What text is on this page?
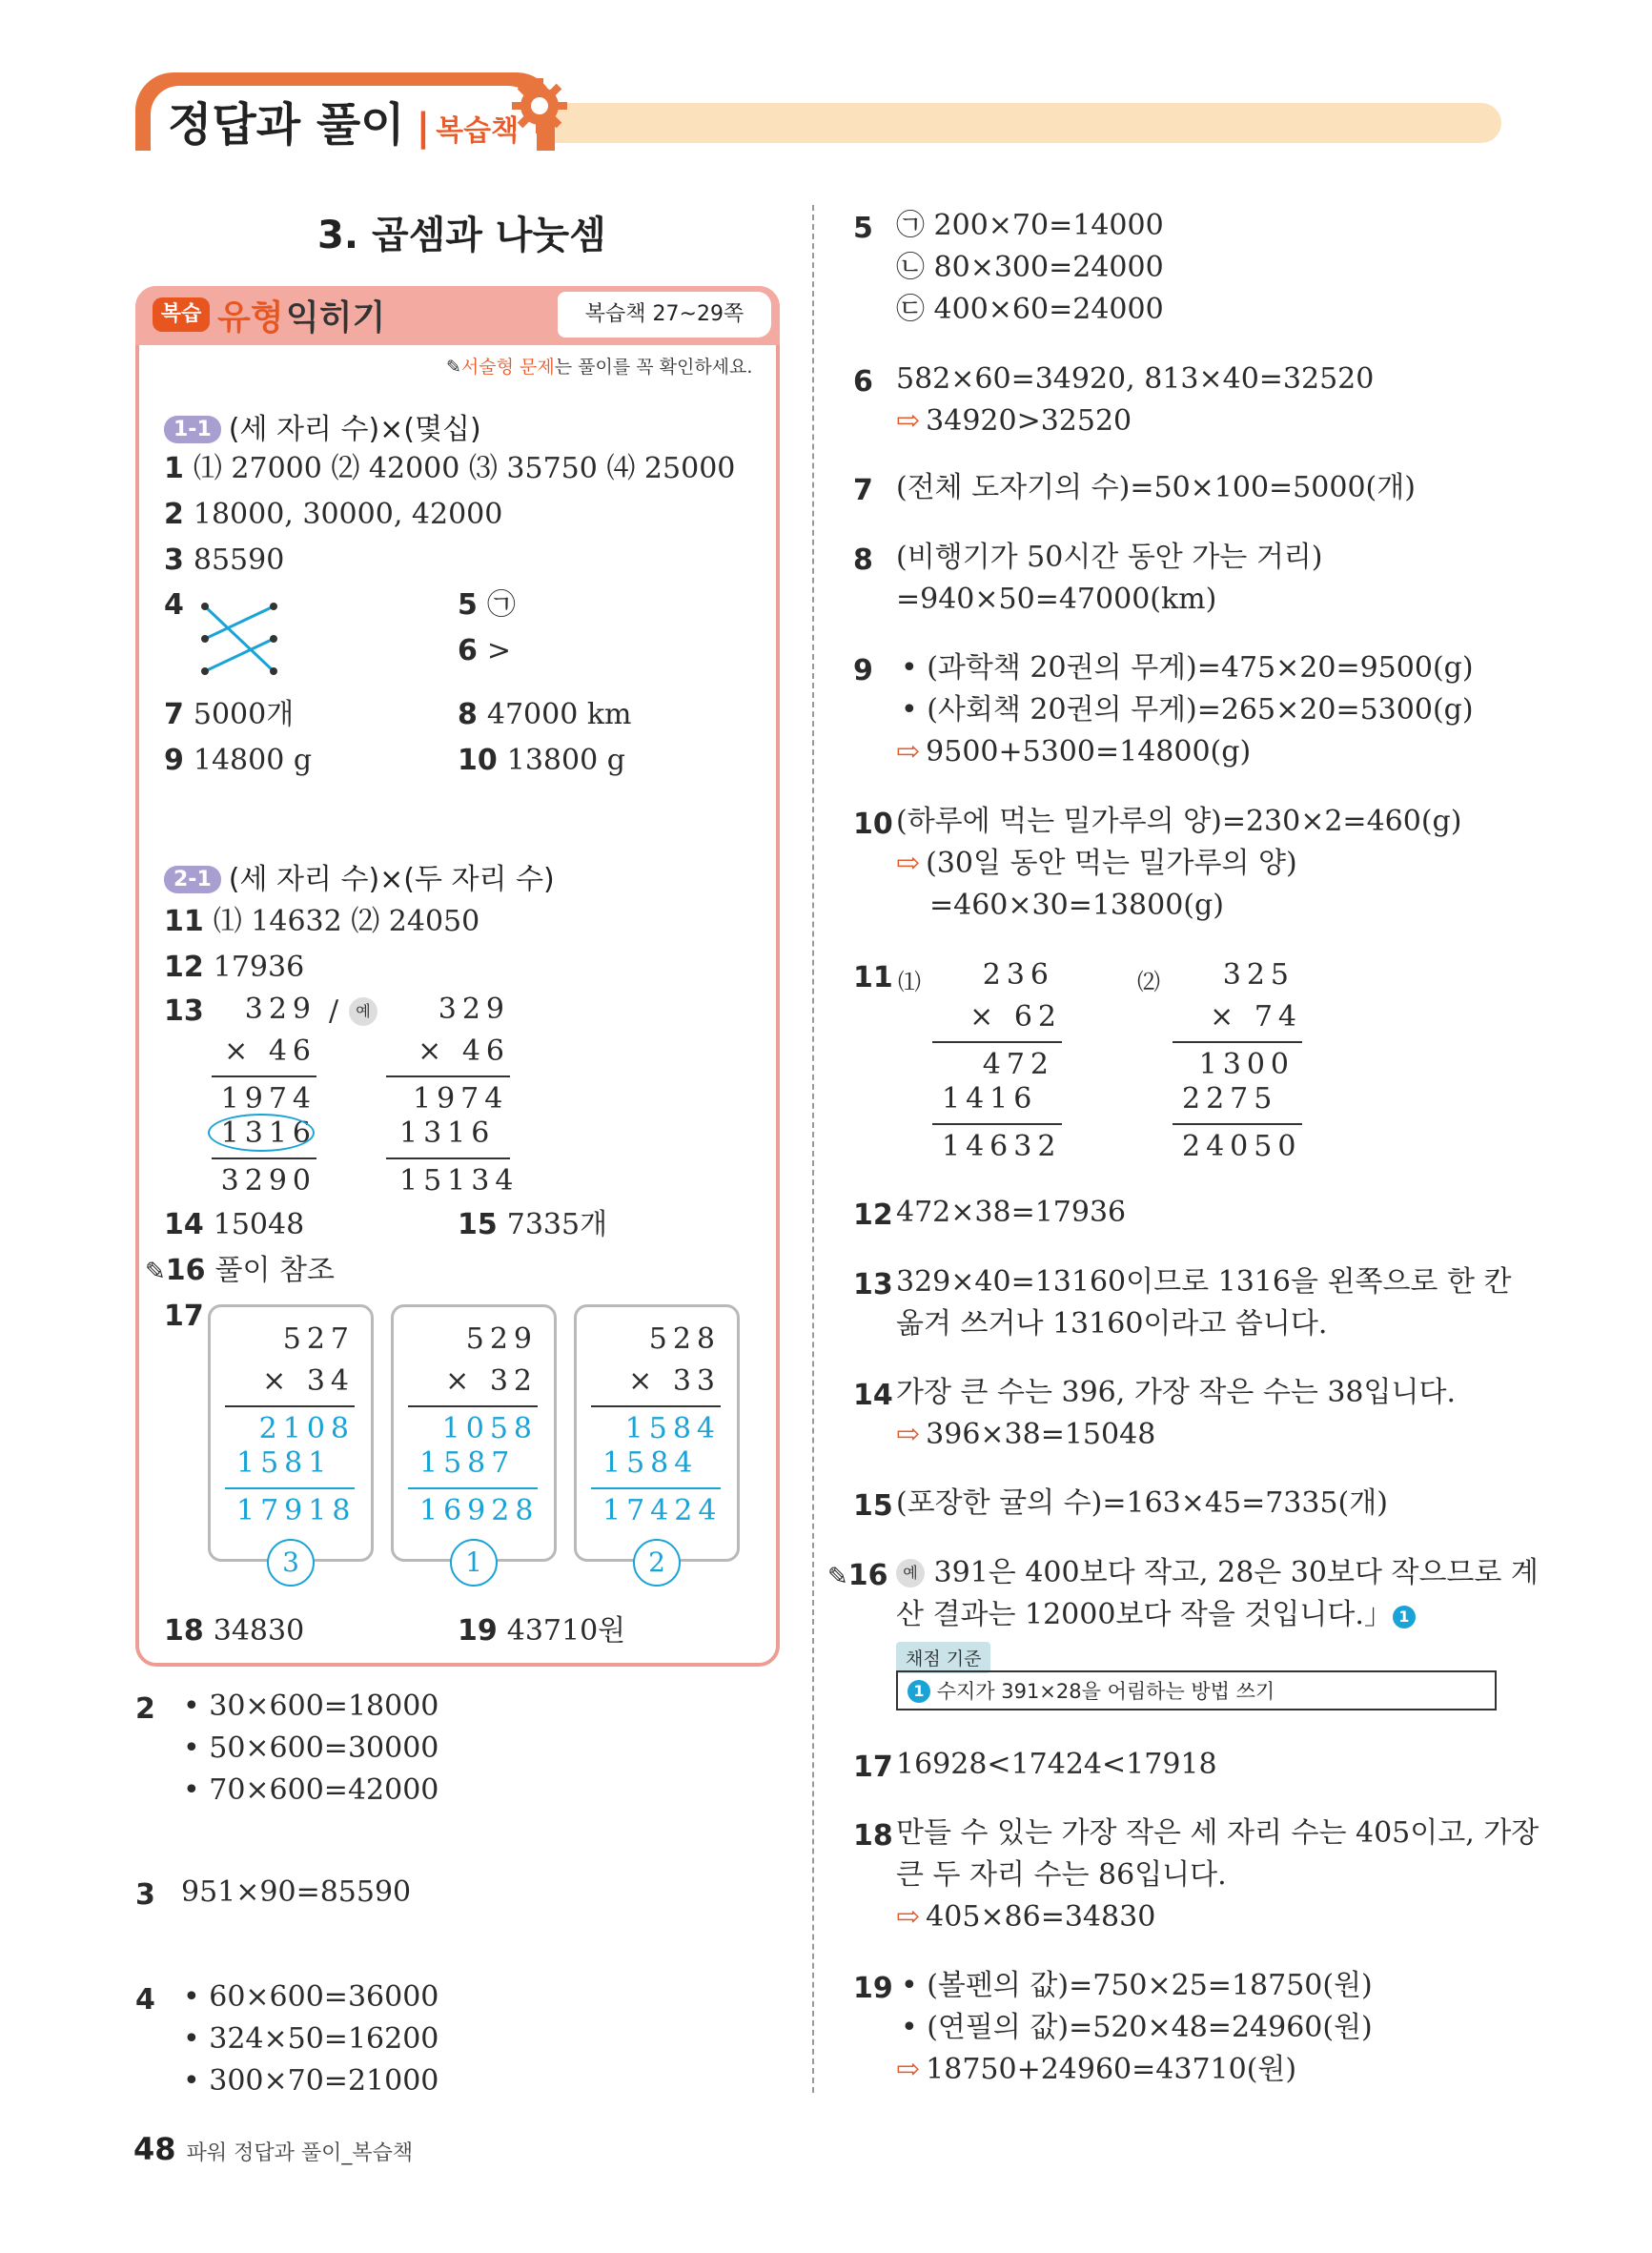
정답과 풀이 | 복습책
3. 곱셈과 나눗셈
복습 유형 익히기	복습책 27~29쪽
✎서술형 문제는 풀이를 꼭 확인하세요.
1-1 (세 자리 수)×(몇십)
1 ⑴ 27000 ⑵ 42000 ⑶ 35750 ⑷ 25000
2 18000, 30000, 42000
3 85590
4	5 ㉠
6 >
7 5000개	8 47000 km
9 14800 g	10 13800 g
2-1 (세 자리 수)×(두 자리 수)
11 ⑴ 14632 ⑵ 24050
12 17936
13	329
× 46
1974
1316
3290
/	예	329
× 46
1974
1316
15134
14 15048	15 7335개
✎16 풀이 참조
17
527
× 34
2108
1581
17918
529
× 32
1058
1587
16928
528
× 33
1584
1584
17424
3	1	2
18 34830	19 43710원
2 • 30×600=18000
• 50×600=30000
• 70×600=42000
3 951×90=85590
4 • 60×600=36000
• 324×50=16200
• 300×70=21000
5 ㉠ 200×70=14000
㉡ 80×300=24000
㉢ 400×60=24000
6 582×60=34920, 813×40=32520
⇨ 34920>32520
7 (전체 도자기의 수)=50×100=5000(개)
8 (비행기가 50시간 동안 가는 거리)
=940×50=47000(km)
9 • (과학책 20권의 무게)=475×20=9500(g)
• (사회책 20권의 무게)=265×20=5300(g)
⇨ 9500+5300=14800(g)
10 (하루에 먹는 밀가루의 양)=230×2=460(g)
⇨ (30일 동안 먹는 밀가루의 양)
=460×30=13800(g)
11 ⑴	236
× 62
472
1416
14632
⑵	325
× 74
1300
2275
24050
12 472×38=17936
13 329×40=13160이므로 1316을 왼쪽으로 한 칸
옮겨 쓰거나 13160이라고 씁니다.
14 가장 큰 수는 396, 가장 작은 수는 38입니다.
⇨ 396×38=15048
15 (포장한 귤의 수)=163×45=7335(개)
✎16 예 391은 400보다 작고, 28은 30보다 작으므로 계
산 결과는 12000보다 작을 것입니다.」 1
채점 기준
1 수지가 391×28을 어림하는 방법 쓰기
17 16928<17424<17918
18 만들 수 있는 가장 작은 세 자리 수는 405이고, 가장
큰 두 자리 수는 86입니다.
⇨ 405×86=34830
19 • (볼펜의 값)=750×25=18750(원)
• (연필의 값)=520×48=24960(원)
⇨ 18750+24960=43710(원)
48 파워 정답과 풀이_복습책
